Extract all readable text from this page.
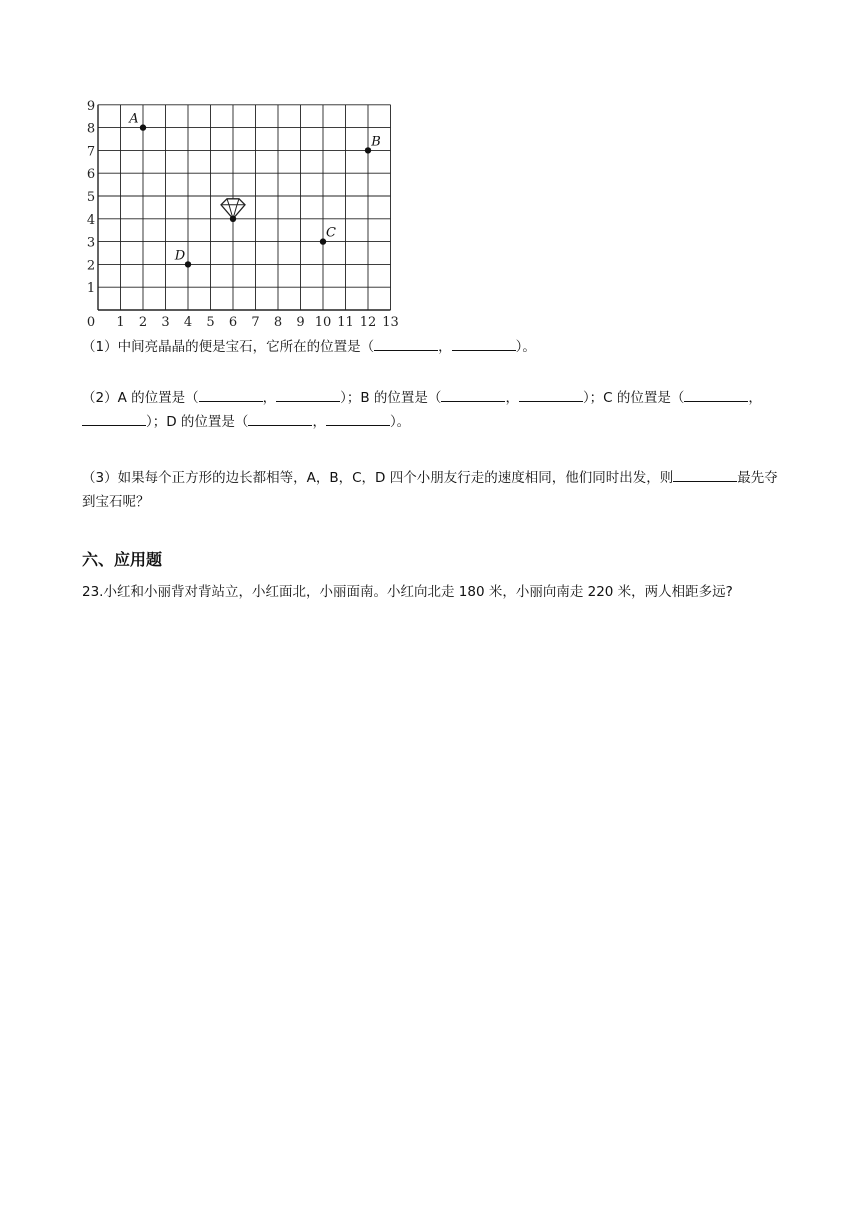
0 1 2 3 4 5 6 7 8 9 10 11 12 13
1
2
3
4
5
6
7
8
9
A
B
C
D
（1）中间亮晶晶的便是宝石，它所在的位置是（	，	）。
（2）A 的位置是（	，	）；B 的位置是（	，	）；C 的位置是（	，）；D 的位置是（	，	）。
（3）如果每个正方形的边长都相等，A，B，C，D 四个小朋友行走的速度相同，他们同时出发，则	最先夺到宝石呢？
六、应用题
23.小红和小丽背对背站立，小红面北，小丽面南。小红向北走 180 米，小丽向南走 220 米，两人相距多远?
